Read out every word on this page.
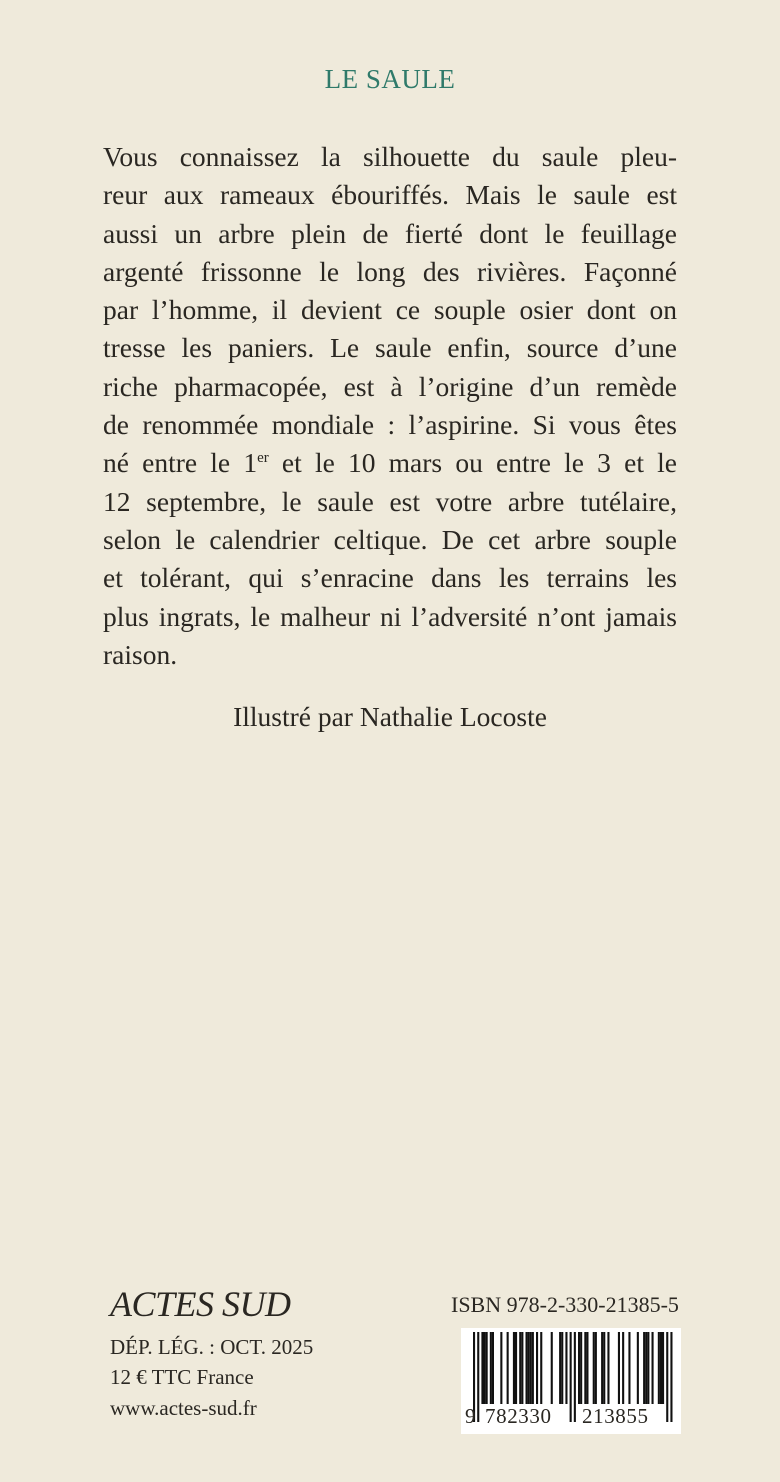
LE SAULE
Vous connaissez la silhouette du saule pleu-
reur aux rameaux ébouriffés. Mais le saule est
aussi un arbre plein de fierté dont le feuillage
argenté frissonne le long des rivières. Façonné
par l’homme, il devient ce souple osier dont on
tresse les paniers. Le saule enfin, source d’une
riche pharmacopée, est à l’origine d’un remède
de renommée mondiale : l’aspirine. Si vous êtes
né entre le 1er et le 10 mars ou entre le 3 et le
12 septembre, le saule est votre arbre tutélaire,
selon le calendrier celtique. De cet arbre souple
et tolérant, qui s’enracine dans les terrains les
plus ingrats, le malheur ni l’adversité n’ont jamais
raison.

Illustré par Nathalie Locoste

ACTES SUD

DÉP. LÉG. : OCT. 2025

12 € TTC France

www.actes-sud.fr

ISBN 978-2-330-21385-5

9 782330 213855
